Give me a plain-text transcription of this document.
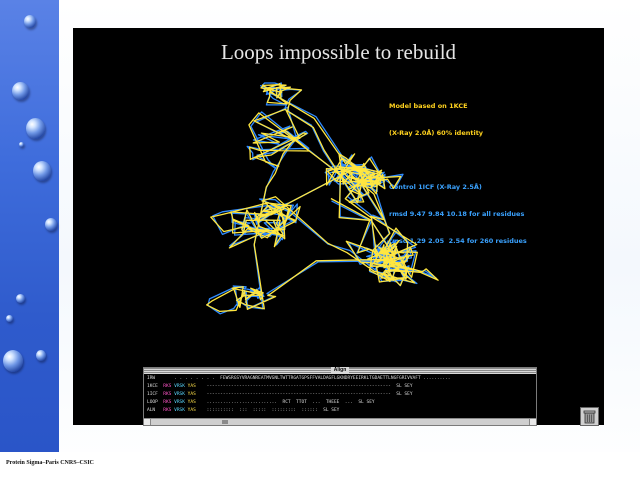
Protein Sigma–Paris CNRS–CSIC
Loops impossible to rebuild

Model based on 1KCE

(X-Ray 2.0Å) 60% identity

Control 1ICF (X-Ray 2.5Å)

rmsd 9.47 9.84 10.18 for all residues

rmsd 1.29 2.05  2.54 for 260 residues

Align
IRW       . . . . . . . .  FEWSRGSYVRAGNREATMVGNLTWTTRGATGPSFFVALDAGFLGKNDRYEEIRKLTGDAETTLNGFGRIVVAFT ..........
1KCE  RKS VRSK YAS    --------------------------------------------------------------------  SL SEY
1ICF  RKS VRSK YAS    --------------------------------------------------------------------  SL SEY
LOOP  RKS VRSK YAS    ..........................  RCT  TTOT  ...  THEEE  ...  SL SEY
ALN   RKS VRSK YAS    ::::::::::  :::  :::::  :::::::::  ::::::  SL SEY
